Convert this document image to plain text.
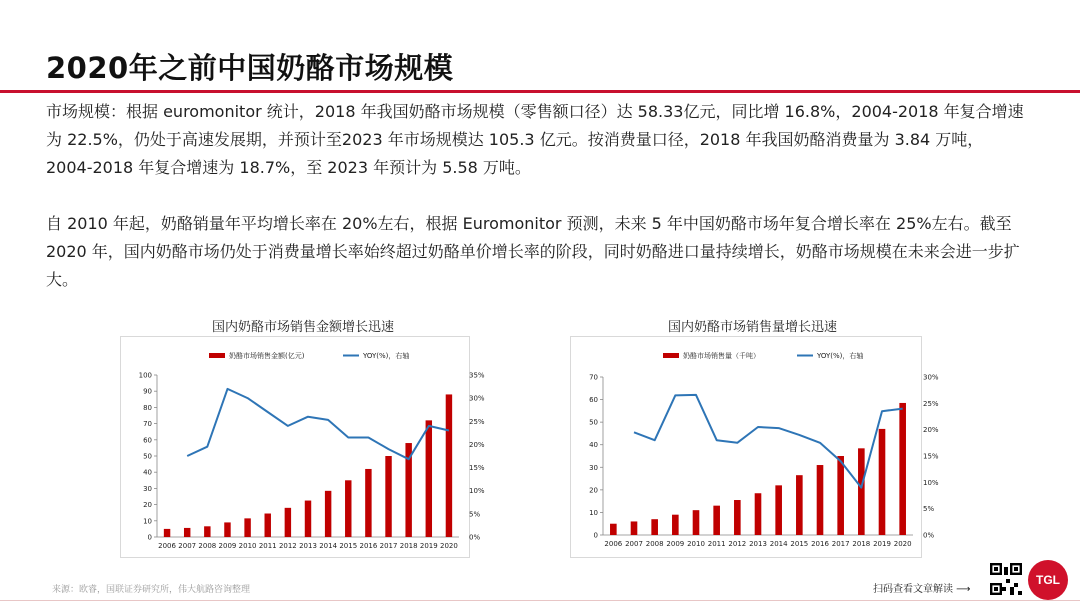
2020年之前中国奶酪市场规模
市场规模：根据 euromonitor 统计，2018 年我国奶酪市场规模（零售额口径）达 58.33亿元，同比增 16.8%，2004-2018 年复合增速为 22.5%，仍处于高速发展期，并预计至2023 年市场规模达 105.3 亿元。按消费量口径，2018 年我国奶酪消费量为 3.84 万吨，2004-2018 年复合增速为 18.7%，至 2023 年预计为 5.58 万吨。
自 2010 年起，奶酪销量年平均增长率在 20%左右，根据 Euromonitor 预测，未来 5 年中国奶酪市场年复合增长率在 25%左右。截至 2020 年，国内奶酪市场仍处于消费量增长率始终超过奶酪单价增长率的阶段，同时奶酪进口量持续增长，奶酪市场规模在未来会进一步扩大。
国内奶酪市场销售金额增长迅速
奶酪市场销售金额(亿元)	YOY(%)，右轴
0
10
20
30
40
50
60
70
80
90
100
0%
5%
10%
15%
20%
25%
30%
35%
2006 2007 2008 2009 2010 2011 2012 2013 2014 2015 2016 2017 2018 2019 2020
国内奶酪市场销售量增长迅速
奶酪市场销售量（千吨）	YOY(%)，右轴
0
10
20
30
40
50
60
70
0%
5%
10%
15%
20%
25%
30%
2006 2007 2008 2009 2010 2011 2012 2013 2014 2015 2016 2017 2018 2019 2020
来源：欧睿，国联证券研究所，伟大航路咨询整理	扫码查看文章解读 ⟶
TGL
